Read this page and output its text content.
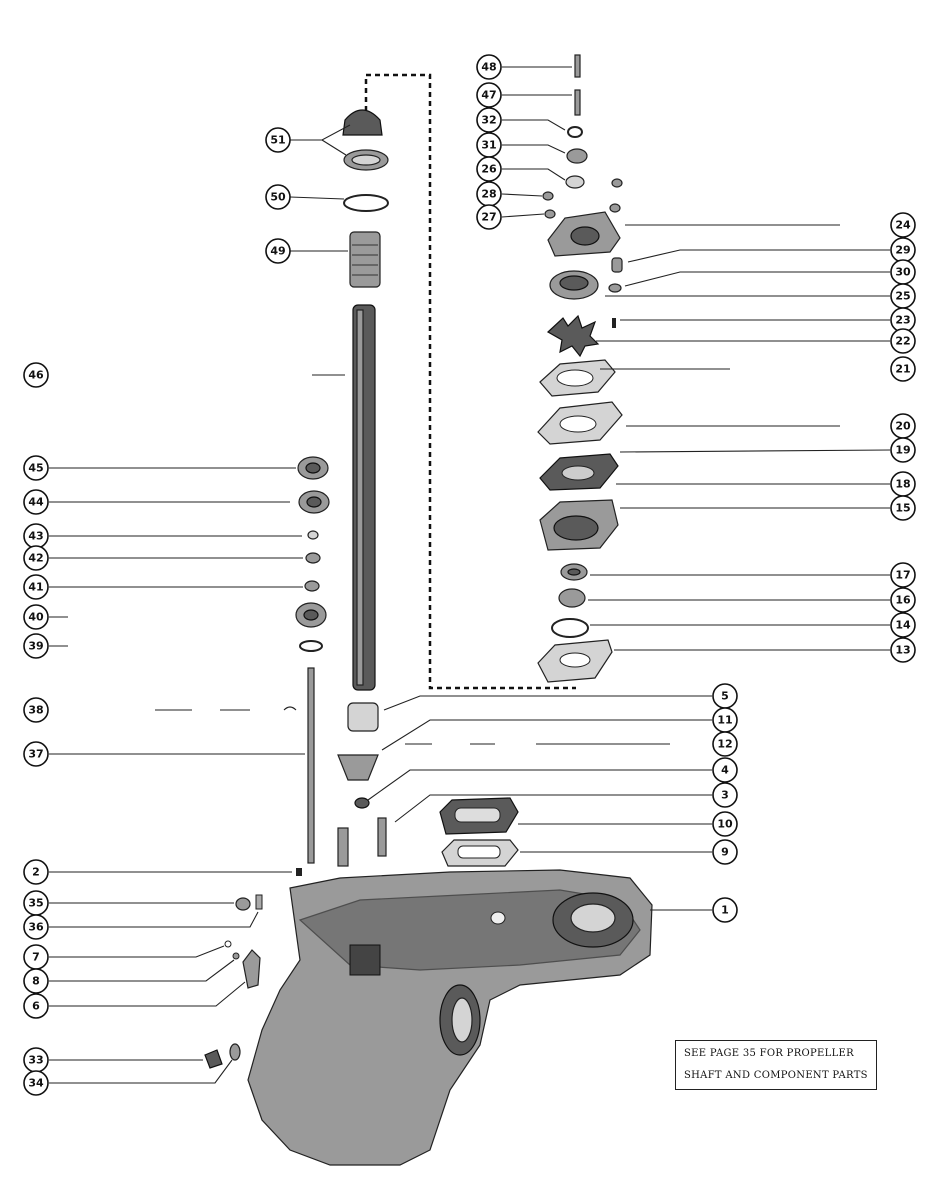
48
47
32
31
26
28
27
24
29
30
25
23
22
21
20
19
18
15
17
16
14
13
51
50
49
46
45
44
43
42
41
40
39
38
37
5
11
12
4
3
10
9
2
35
36
1
7
8
6
33
34
SEE PAGE 35 FOR PROPELLER
SHAFT AND COMPONENT PARTS
